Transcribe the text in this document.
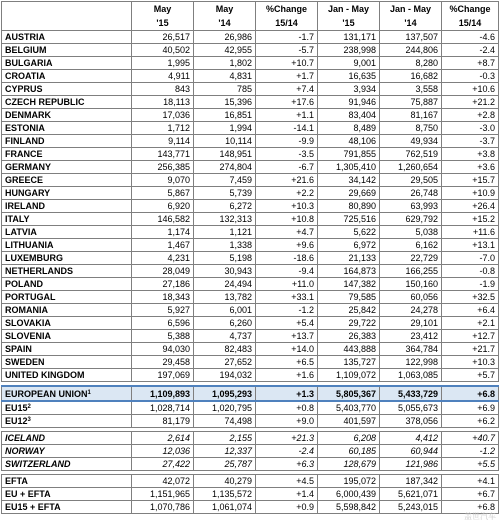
	May	May	%Change	Jan - May	Jan - May	%Change
	'15	'14	15/14	'15	'14	15/14
AUSTRIA	26,517	26,986	-1.7	131,171	137,507	-4.6
BELGIUM	40,502	42,955	-5.7	238,998	244,806	-2.4
BULGARIA	1,995	1,802	+10.7	9,001	8,280	+8.7
CROATIA	4,911	4,831	+1.7	16,635	16,682	-0.3
CYPRUS	843	785	+7.4	3,934	3,558	+10.6
CZECH REPUBLIC	18,113	15,396	+17.6	91,946	75,887	+21.2
DENMARK	17,036	16,851	+1.1	83,404	81,167	+2.8
ESTONIA	1,712	1,994	-14.1	8,489	8,750	-3.0
FINLAND	9,114	10,114	-9.9	48,106	49,934	-3.7
FRANCE	143,771	148,951	-3.5	791,855	762,519	+3.8
GERMANY	256,385	274,804	-6.7	1,305,410	1,260,654	+3.6
GREECE	9,070	7,459	+21.6	34,142	29,505	+15.7
HUNGARY	5,867	5,739	+2.2	29,669	26,748	+10.9
IRELAND	6,920	6,272	+10.3	80,890	63,993	+26.4
ITALY	146,582	132,313	+10.8	725,516	629,792	+15.2
LATVIA	1,174	1,121	+4.7	5,622	5,038	+11.6
LITHUANIA	1,467	1,338	+9.6	6,972	6,162	+13.1
LUXEMBURG	4,231	5,198	-18.6	21,133	22,729	-7.0
NETHERLANDS	28,049	30,943	-9.4	164,873	166,255	-0.8
POLAND	27,186	24,494	+11.0	147,382	150,160	-1.9
PORTUGAL	18,343	13,782	+33.1	79,585	60,056	+32.5
ROMANIA	5,927	6,001	-1.2	25,842	24,278	+6.4
SLOVAKIA	6,596	6,260	+5.4	29,722	29,101	+2.1
SLOVENIA	5,388	4,737	+13.7	26,383	23,412	+12.7
SPAIN	94,030	82,483	+14.0	443,888	364,784	+21.7
SWEDEN	29,458	27,652	+6.5	135,727	122,998	+10.3
UNITED KINGDOM	197,069	194,032	+1.6	1,109,072	1,063,085	+5.7

EUROPEAN UNION$^1$	1,109,893	1,095,293	+1.3	5,805,367	5,433,729	+6.8
$EU15^2$	1,028,714	1,020,795	+0.8	5,403,770	5,055,673	+6.9
$EU12^3$	81,179	74,498	+9.0	401,597	378,056	+6.2

ICELAND	2,614	2,155	+21.3	6,208	4,412	+40.7
NORWAY	12,036	12,337	-2.4	60,185	60,944	-1.2
SWITZERLAND	27,422	25,787	+6.3	128,679	121,986	+5.5

EFTA	42,072	40,279	+4.5	195,072	187,342	+4.1
EU + EFTA	1,151,965	1,135,572	+1.4	6,000,439	5,621,071	+6.7
EU15 + EFTA	1,070,786	1,061,074	+0.9	5,598,842	5,243,015	+6.8
盖世汽车
